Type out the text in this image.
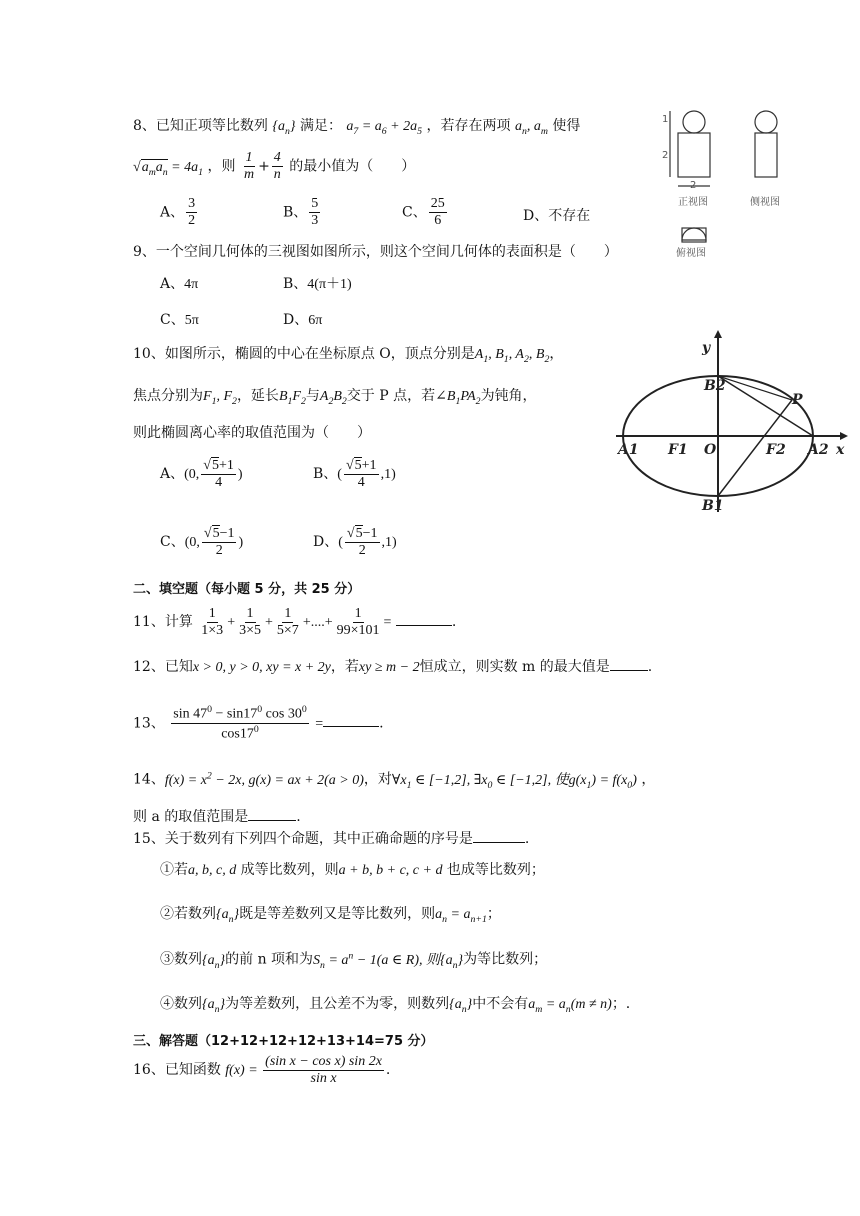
8、已知正项等比数列 $\{a_n\}$ 满足： $a_7 = a_6 + 2a_5$ ，若存在两项 $a_n$, $a_m$ 使得
$√a_ma_n = 4a_1$ ，则 $\frac{1}{m} + \frac{4}{n}$ 的最小值为（　　）
A、 $\frac{3}{2}$	B、 $\frac{5}{3}$	C、 $\frac{25}{6}$	D、不存在
2
1
2
正视图	侧视图
俯视图
9、一个空间几何体的三视图如图所示，则这个空间几何体的表面积是（　　）
A、4π	B、4(π＋1)
C、5π	D、6π
10、如图所示，椭圆的中心在坐标原点 O，顶点分别是$A_1$, $B_1$, $A_2$, $B_2$，
焦点分别为$F_1$, $F_2$，延长$B_1F_2$与$A_2B_2$交于 P 点，若$\angle B_1PA_2$为钝角，
则此椭圆离心率的取值范围为（　　）
A、(0, $\frac{√5+1}{4}$ )	B、( $\frac{√5+1}{4} ,1$)
C、(0, $\frac{√5-1}{2}$ )	D、( $\frac{√5-1}{2} ,1$)
y
x
O
A1	A2
B1
B2
F1	F2
P
二、填空题（每小题 5 分，共 25 分）
11、计算 $\frac{1}{1\times 3} + \frac{1}{3\times 5} + \frac{1}{5\times 7}$ +....+ $\frac{1}{99\times 101}$ =	.
12、已知x > 0, y > 0, xy = x + 2y，若xy ≥ m − 2恒成立，则实数 m 的最大值是	.
13、 $\frac{\sin 47^0 - \sin 17^0 \cos 30^0}{\cos 17^0}$ =	.
14、$f(x) = x^2 - 2x$, g(x) = ax + 2(a > 0)，对$\forall x_1$ ∈ [−1,2], $\exists x_0$ ∈ [−1,2], 使$g(x_1) = f(x_0)$ ，
则 a 的取值范围是	.
15、关于数列有下列四个命题，其中正确命题的序号是	.
①若a, b, c, d 成等比数列，则a + b, b + c, c + d 也成等比数列；
②若数列$\{a_n\}$既是等差数列又是等比数列，则$a_n = a_{n+1}$；
③数列$\{a_n\}$的前 n 项和为$S_n = a^n - 1(a$ ∈ R), 则$\{a_n\}$为等比数列；
④数列$\{a_n\}$为等差数列，且公差不为零，则数列$\{a_n\}$中不会有$a_m = a_n(m \ne n)$；.
三、解答题（12+12+12+12+13+14=75 分）
16、已知函数 $f(x) = \frac{\text{(sin x − cos x) sin 2x}}{\text{sin x}}$ .
